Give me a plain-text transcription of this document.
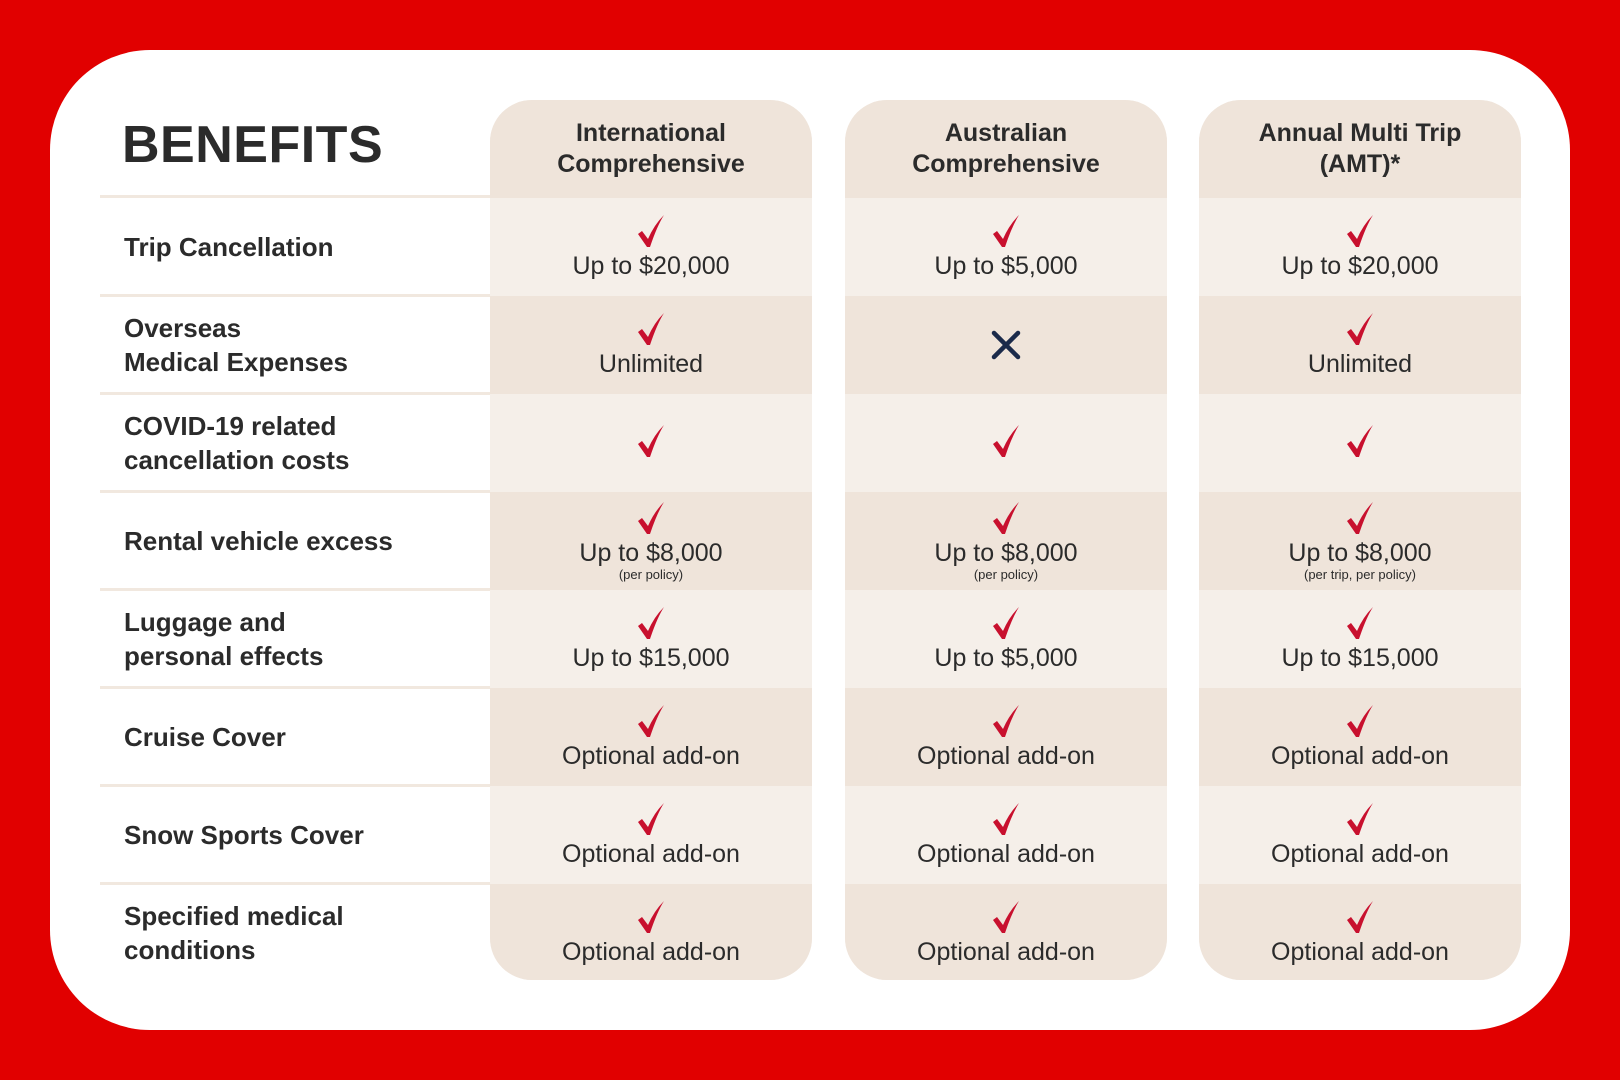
BENEFITS
Trip Cancellation
Overseas
Medical Expenses
COVID-19 related
cancellation costs
Rental vehicle excess
Luggage and
personal effects
Cruise Cover
Snow Sports Cover
Specified medical
conditions
International
Comprehensive
Up to $20,000
Unlimited
Up to $8,000
(per policy)
Up to $15,000
Optional add-on
Optional add-on
Optional add-on
Australian
Comprehensive
Up to $5,000
Up to $8,000
(per policy)
Up to $5,000
Optional add-on
Optional add-on
Optional add-on
Annual Multi Trip
(AMT)*
Up to $20,000
Unlimited
Up to $8,000
(per trip, per policy)
Up to $15,000
Optional add-on
Optional add-on
Optional add-on
